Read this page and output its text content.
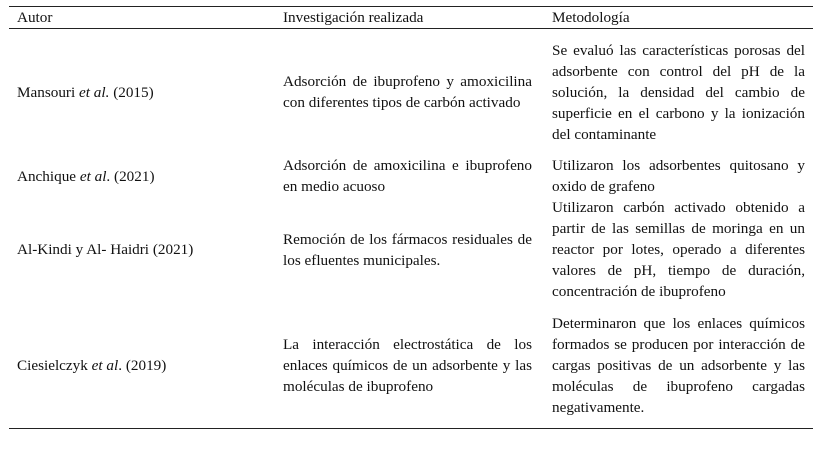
Autor	Investigación realizada	Metodología
Mansouri et al. (2015)	Adsorción de ibuprofeno y amoxicilina con diferentes tipos de carbón activado	Se evaluó las características porosas del adsorbente con control del pH de la solución, la densidad del cambio de superficie en el carbono y la ionización del contaminante
Anchique et al. (2021)	Adsorción de amoxicilina e ibuprofeno en medio acuoso	Utilizaron los adsorbentes quitosano y oxido de grafeno
Al-Kindi y Al- Haidri (2021)	Remoción de los fármacos residuales de los efluentes municipales.	Utilizaron carbón activado obtenido a partir de las semillas de moringa en un reactor por lotes, operado a diferentes valores de pH, tiempo de duración, concentración de ibuprofeno
Ciesielczyk et al. (2019)	La interacción electrostática de los enlaces químicos de un adsorbente y las moléculas de ibuprofeno	Determinaron que los enlaces químicos formados se producen por interacción de cargas positivas de un adsorbente y las moléculas de ibuprofeno cargadas negativamente.
